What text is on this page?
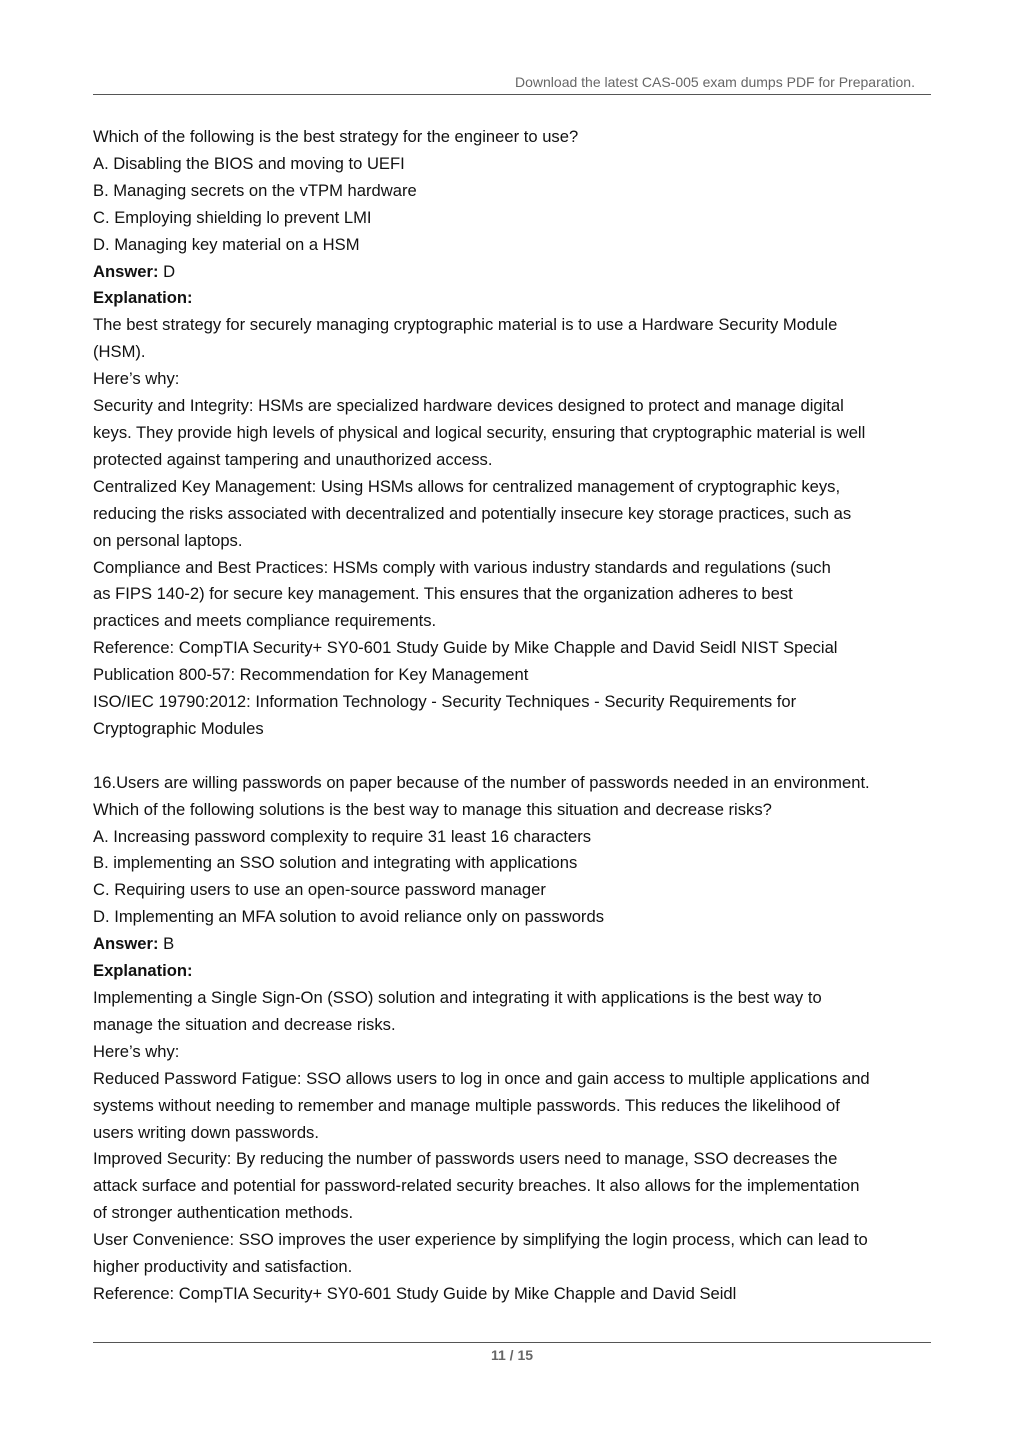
Download the latest CAS-005 exam dumps PDF for Preparation.
Which of the following is the best strategy for the engineer to use?
A. Disabling the BIOS and moving to UEFI
B. Managing secrets on the vTPM hardware
C. Employing shielding lo prevent LMI
D. Managing key material on a HSM
Answer: D
Explanation:
The best strategy for securely managing cryptographic material is to use a Hardware Security Module
(HSM).
Here’s why:
Security and Integrity: HSMs are specialized hardware devices designed to protect and manage digital
keys. They provide high levels of physical and logical security, ensuring that cryptographic material is well
protected against tampering and unauthorized access.
Centralized Key Management: Using HSMs allows for centralized management of cryptographic keys,
reducing the risks associated with decentralized and potentially insecure key storage practices, such as
on personal laptops.
Compliance and Best Practices: HSMs comply with various industry standards and regulations (such
as FIPS 140-2) for secure key management. This ensures that the organization adheres to best
practices and meets compliance requirements.
Reference: CompTIA Security+ SY0-601 Study Guide by Mike Chapple and David Seidl NIST Special
Publication 800-57: Recommendation for Key Management
ISO/IEC 19790:2012: Information Technology - Security Techniques - Security Requirements for
Cryptographic Modules
16.Users are willing passwords on paper because of the number of passwords needed in an environment.
Which of the following solutions is the best way to manage this situation and decrease risks?
A. Increasing password complexity to require 31 least 16 characters
B. implementing an SSO solution and integrating with applications
C. Requiring users to use an open-source password manager
D. Implementing an MFA solution to avoid reliance only on passwords
Answer: B
Explanation:
Implementing a Single Sign-On (SSO) solution and integrating it with applications is the best way to
manage the situation and decrease risks.
Here’s why:
Reduced Password Fatigue: SSO allows users to log in once and gain access to multiple applications and
systems without needing to remember and manage multiple passwords. This reduces the likelihood of
users writing down passwords.
Improved Security: By reducing the number of passwords users need to manage, SSO decreases the
attack surface and potential for password-related security breaches. It also allows for the implementation
of stronger authentication methods.
User Convenience: SSO improves the user experience by simplifying the login process, which can lead to
higher productivity and satisfaction.
Reference: CompTIA Security+ SY0-601 Study Guide by Mike Chapple and David Seidl
11 / 15
